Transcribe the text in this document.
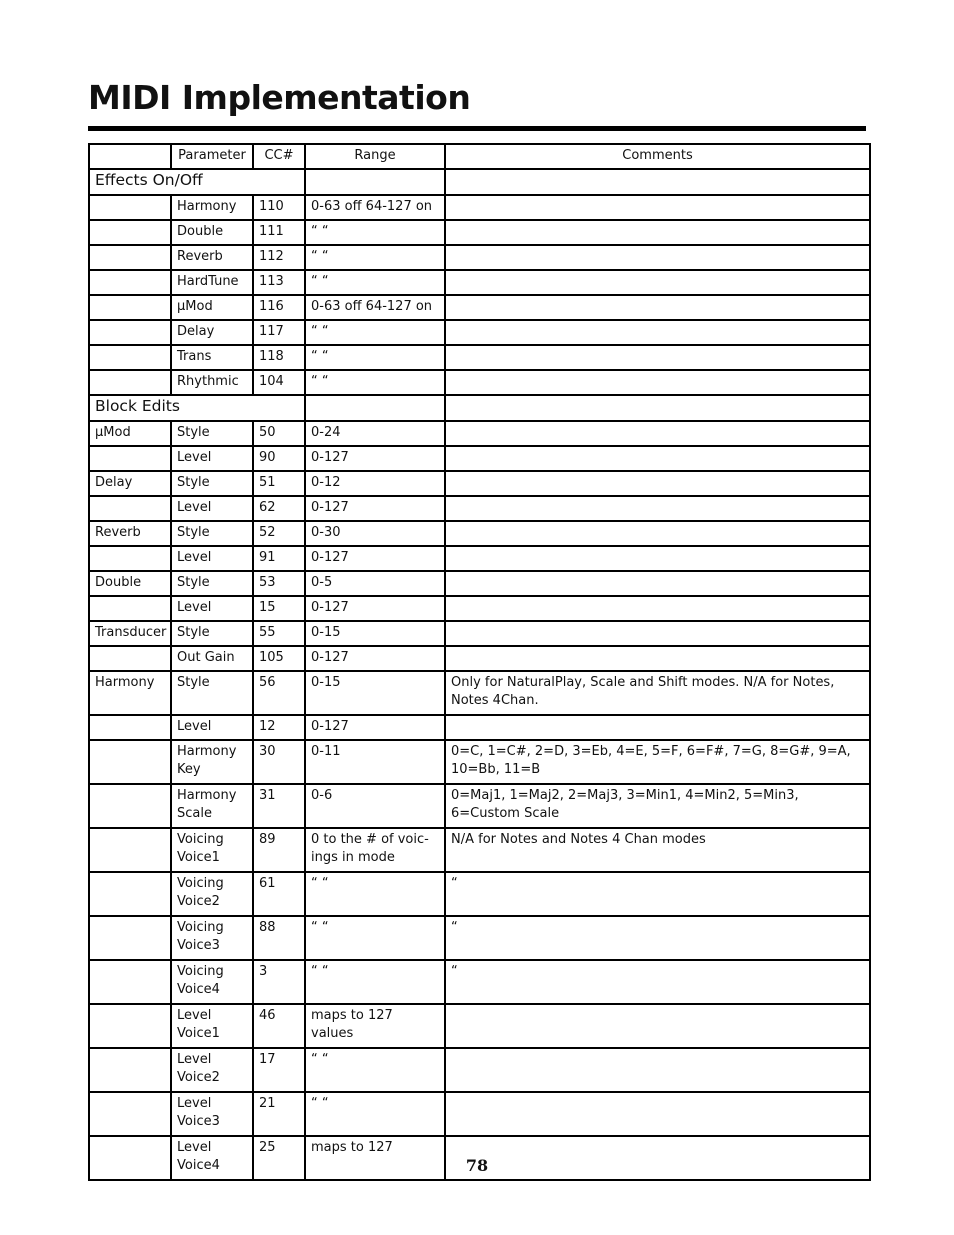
MIDI Implementation
	Parameter	CC#	Range	Comments
Effects On/Off				
	Harmony	110	0-63 off 64-127 on	
	Double	111	“ “	
	Reverb	112	“ “	
	HardTune	113	“ “	
	µMod	116	0-63 off 64-127 on	
	Delay	117	“ “	
	Trans	118	“ “	
	Rhythmic	104	“ “	
Block Edits				
µMod	Style	50	0-24	
	Level	90	0-127	
Delay	Style	51	0-12	
	Level	62	0-127	
Reverb	Style	52	0-30	
	Level	91	0-127	
Double	Style	53	0-5	
	Level	15	0-127	
Transducer	Style	55	0-15	
	Out Gain	105	0-127	
Harmony	Style	56	0-15	Only for NaturalPlay, Scale and Shift modes. N/A for Notes, Notes 4Chan.
	Level	12	0-127	
	Harmony Key	30	0-11	0=C, 1=C#, 2=D, 3=Eb, 4=E, 5=F, 6=F#, 7=G, 8=G#, 9=A, 10=Bb, 11=B
	Harmony Scale	31	0-6	0=Maj1, 1=Maj2, 2=Maj3, 3=Min1, 4=Min2, 5=Min3, 6=Custom Scale
	Voicing Voice1	89	0 to the # of voic-ings in mode	N/A for Notes and Notes 4 Chan modes
	Voicing Voice2	61	“ “	“
	Voicing Voice3	88	“ “	“
	Voicing Voice4	3	“ “	“
	Level Voice1	46	maps to 127 values	
	Level Voice2	17	“ “	
	Level Voice3	21	“ “	
	Level Voice4	25	maps to 127	
78
